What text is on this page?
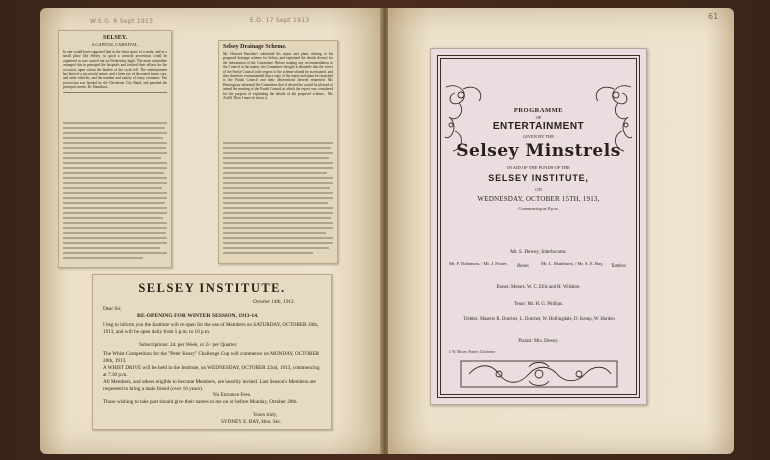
61
W.S.G. 6 Sept 1913	E.O. 17 Sept 1913
SELSEY.
A CAPITAL CARNIVAL.
In one would have supposed that in the short space of a week, and in a small place like Selsey, so good a carnival procession could be organised as was carried out on Wednesday night. The main committee arranged this in principal the hospitals and fetched their efforts for the occasion, upon whom the burden of the work fell. The entertainment has been of a successful nature, and a keen eye of decorated motor cars, and other vehicles, and the number and variety of fancy costumes. The procession was headed by the Chichester City Band, and paraded the principal streets. Dr. Hamilton...
Selsey Drainage Scheme.
Mr. Howard Hawden's submitted his report and plans relating to his proposed drainage scheme for Selsey, and explained the details thereof for the information of the Committee. Before making any recommendation to the Council in the matter, the Committee thought it desirable that the views of the Parish Council with respect to the scheme should be ascertained, and they therefore recommended that a copy of the report and plans be furnished to the Parish Council and their observations thereon requested. Mr. Hemingway informed the Committee that if desired he would be pleased to attend the meeting of the Parish Council at which the report was considered for the purpose of explaining the details of the proposed scheme... Mr. Ardill. Then I must sit down it.
SELSEY INSTITUTE.
October 14th, 1913.
Dear Sir,
RE-OPENING FOR WINTER SESSION, 1913-14.
I beg to inform you the Institute will re-open for the use of Members on SATURDAY, OCTOBER 18th, 1913, and will be open daily from 5 p.m. to 10 p.m.
Subscriptions: 2d. per Week, or 2/- per Quarter.
The Whist Competition for the "Peter Keary" Challenge Cup will commence on MONDAY, OCTOBER 20th, 1913.
A WHIST DRIVE will be held in the Institute, on WEDNESDAY, OCTOBER 22nd, 1913, commencing at 7.30 p.m.
All Members, and others eligible to become Members, are heartily invited. Last Season's Members are requested to bring a male friend (over 16 years).
No Entrance Fees.
Those wishing to take part should give their names to me on or before Monday, October 20th.
Yours truly,
SYDNEY E. BAY, Hon. Sec.
PROGRAMME
OF
ENTERTAINMENT
GIVEN BY THE
Selsey Minstrels
IN AID OF THE FUNDS OF THE
SELSEY INSTITUTE,
ON
WEDNESDAY, OCTOBER 15TH, 1913,
Commencing at 8 p.m.
Mr. S. Dewey, Interlocutor.
Mr. F. Robinson, / Mr. J. Foster,
Bones
Mr. L. Mainhurst, / Mr. S. E. Bay,
Tambos
Bones: Messrs. W. C. Ellis and H. Wilshire.
Tenor: Mr. H. G. Phillips.
Trebles: Masters R. Dutcher, L. Dutcher, W. Hollingdale, D. Kemp, W. Horden
Pianist: Mrs. Dewey.
J. W. Moore, Printer, Chichester
